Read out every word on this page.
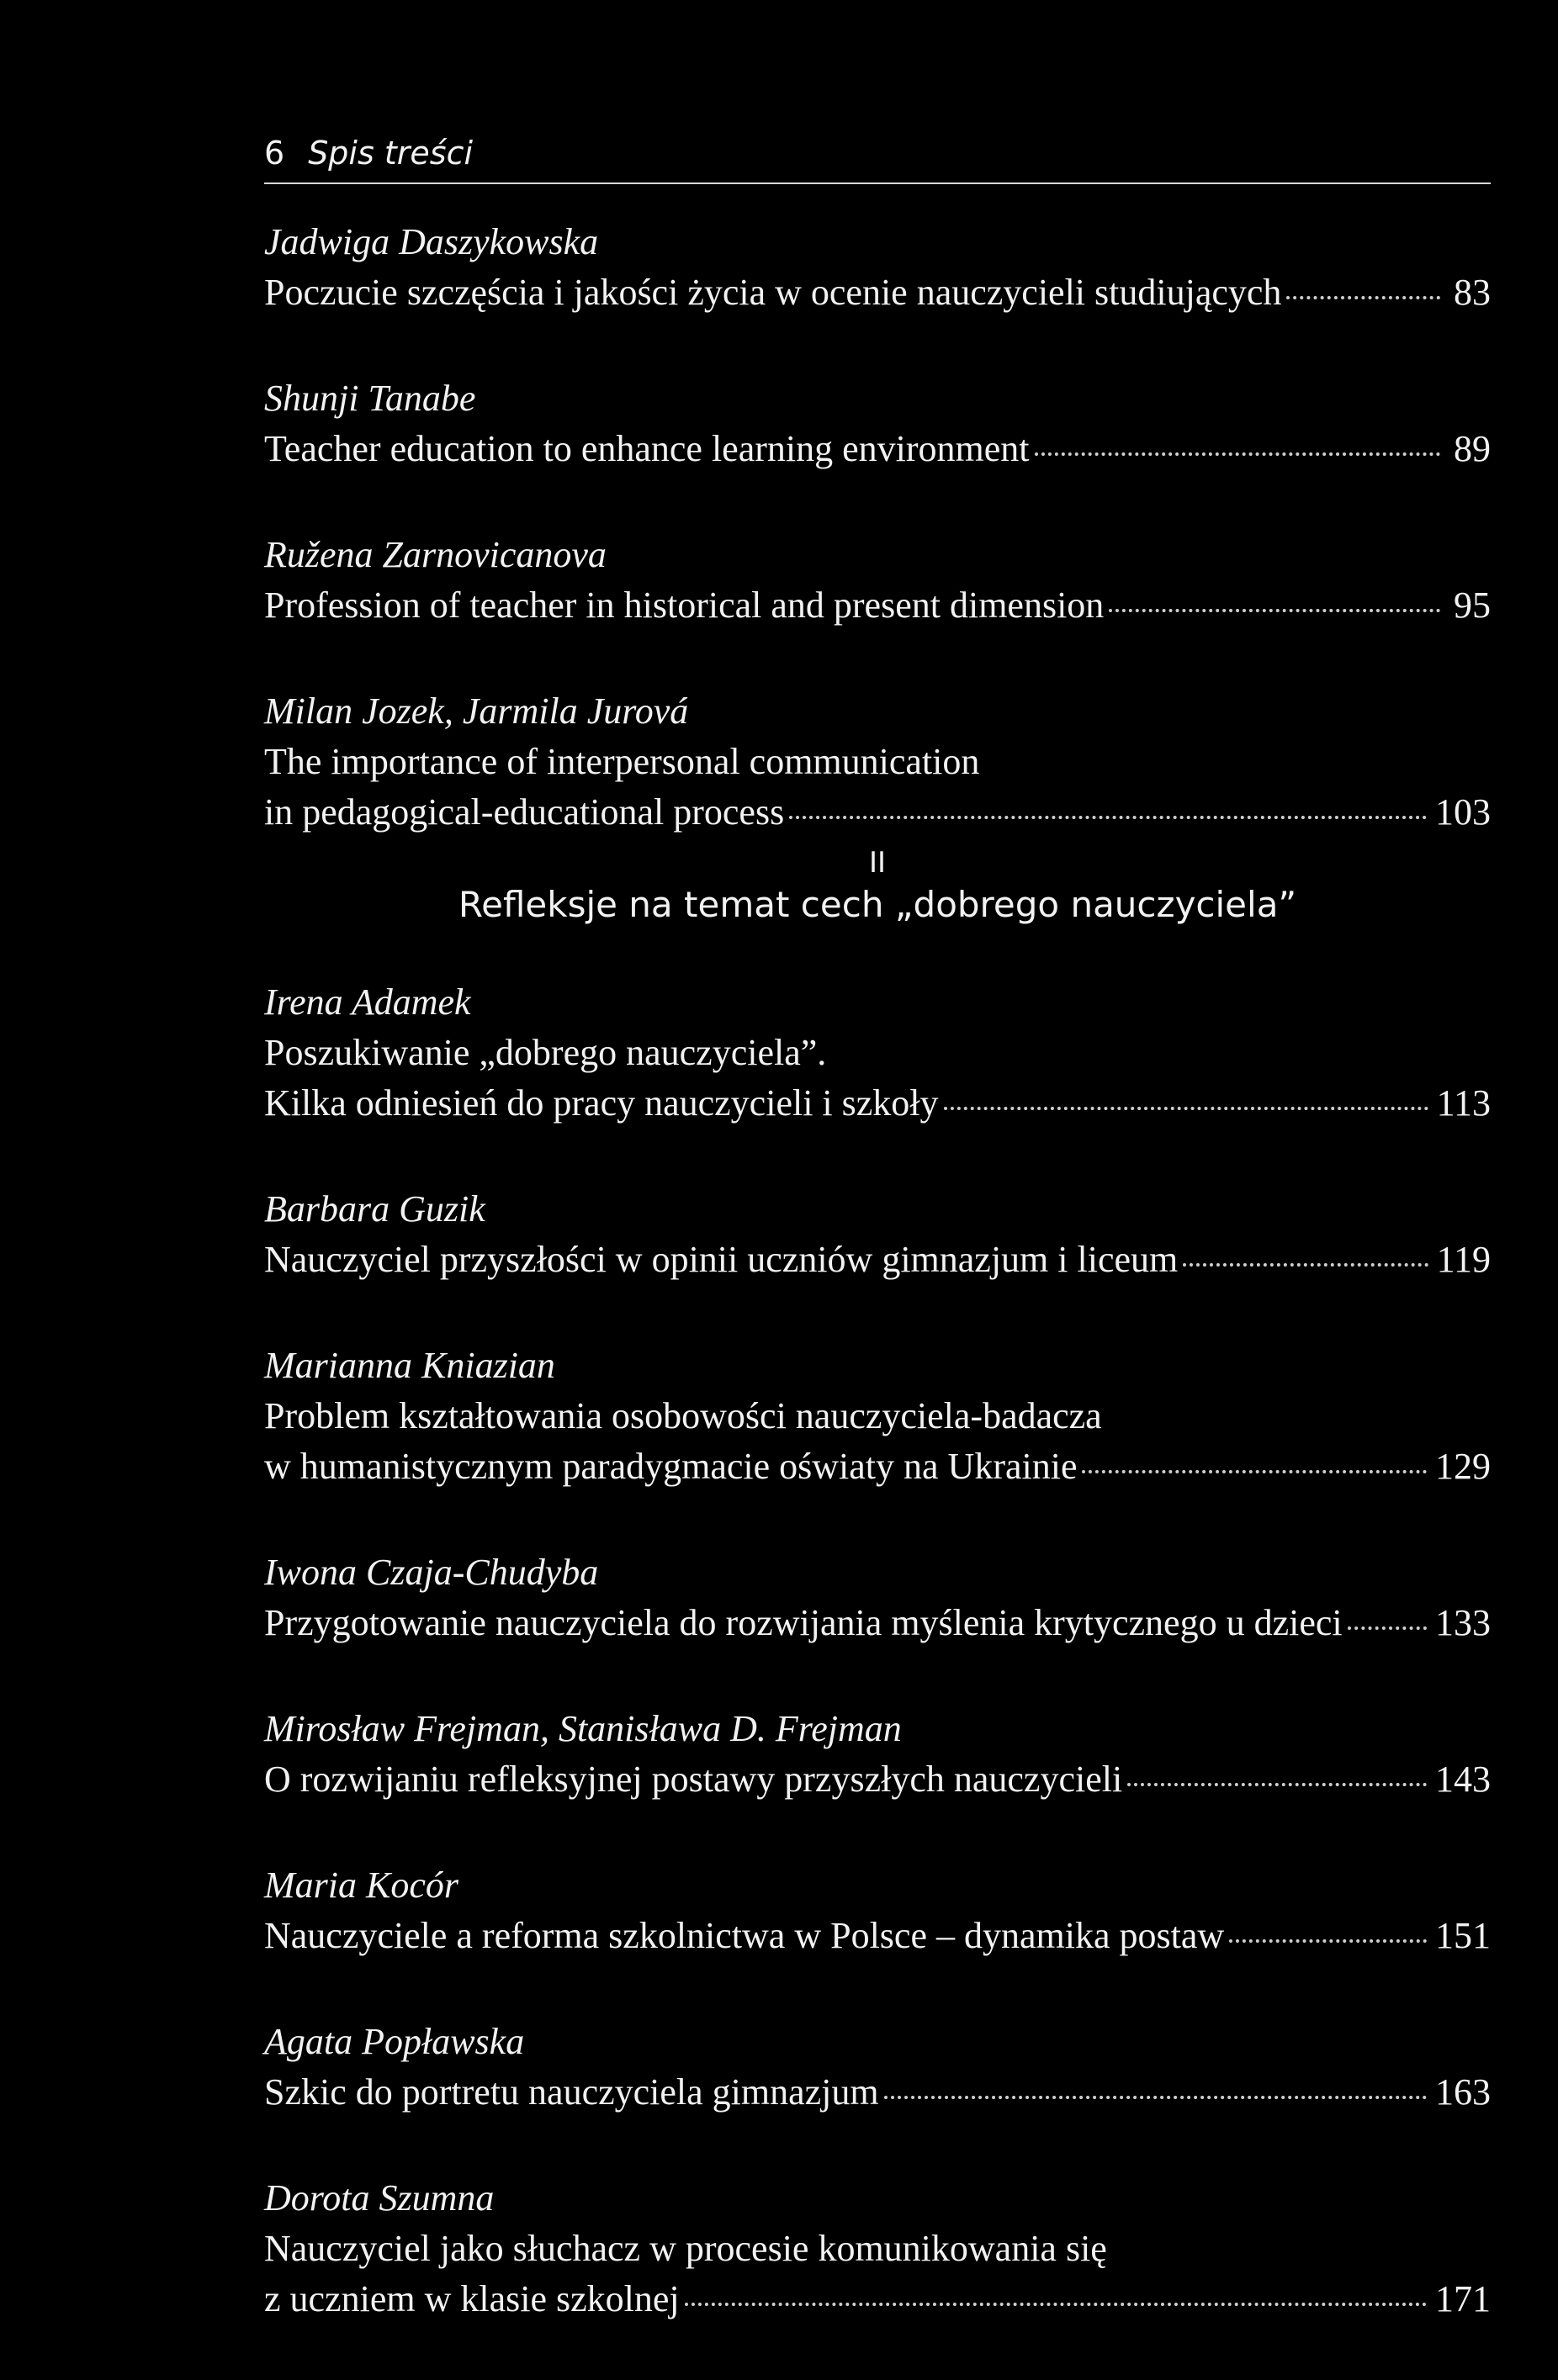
6 Spis treści
Jadwiga Daszykowska
Poczucie szczęścia i jakości życia w ocenie nauczycieli studiujących	83
Shunji Tanabe
Teacher education to enhance learning environment	89
Ružena Zarnovicanova
Profession of teacher in historical and present dimension	95
Milan Jozek, Jarmila Jurová
The importance of interpersonal communication
in pedagogical-educational process	103
II
Refleksje na temat cech „dobrego nauczyciela”
Irena Adamek
Poszukiwanie „dobrego nauczyciela”.
Kilka odniesień do pracy nauczycieli i szkoły	113
Barbara Guzik
Nauczyciel przyszłości w opinii uczniów gimnazjum i liceum	119
Marianna Kniazian
Problem kształtowania osobowości nauczyciela-badacza
w humanistycznym paradygmacie oświaty na Ukrainie	129
Iwona Czaja-Chudyba
Przygotowanie nauczyciela do rozwijania myślenia krytycznego u dzieci	133
Mirosław Frejman, Stanisława D. Frejman
O rozwijaniu refleksyjnej postawy przyszłych nauczycieli	143
Maria Kocór
Nauczyciele a reforma szkolnictwa w Polsce – dynamika postaw	151
Agata Popławska
Szkic do portretu nauczyciela gimnazjum	163
Dorota Szumna
Nauczyciel jako słuchacz w procesie komunikowania się
z uczniem w klasie szkolnej	171
